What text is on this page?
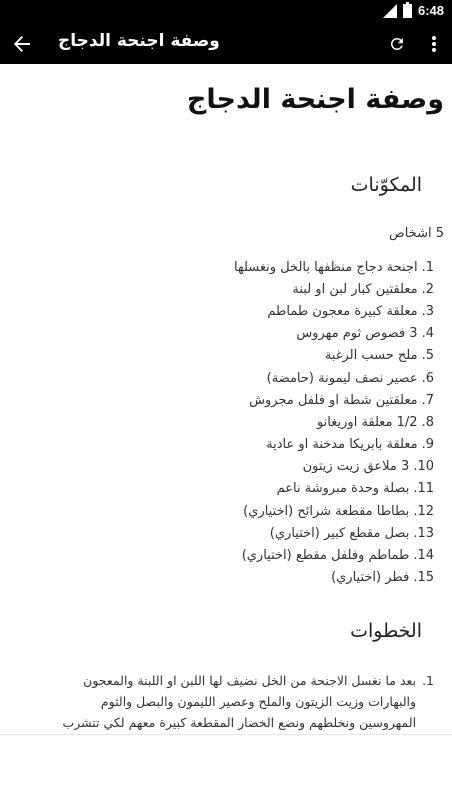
6:48
وصفة اجنحة الدجاج
وصفة اجنحة الدجاج
المكوّنات
5 اشخاص
1.
اجنحة دجاج منظفها بالخل ونغسلها
2.
معلقتين كبار لبن او لبنة
3.
معلقة كبيرة معجون طماطم
4.
3 فصوص ثوم مهروس
5.
ملح حسب الرغبة
6.
عصير نصف ليمونة (حامضة)
7.
معلقتين شطة او فلفل مجروش
8.
1/2 معلقة اوريغانو
9.
معلقة بابريكا مدخنة او عادية
10.
3 ملاعق زيت زيتون
11.
بصلة وحدة مبروشة ناعم
12.
بطاطا مقطعة شرائح (اختياري)
13.
بصل مقطع كبير (اختياري)
14.
طماطم وفلفل مقطع (اختياري)
15.
فطر (اختياري)
الخطوات
1.
بعد ما نغسل الاجنحة من الخل نضيف لها اللبن او اللبنة والمعجون والبهارات وزيت الزيتون والملح وعصير الليمون والبصل والثوم المهروسين ونخلطهم ونضع الخضار المقطعة كبيرة معهم لكي تتشرب
